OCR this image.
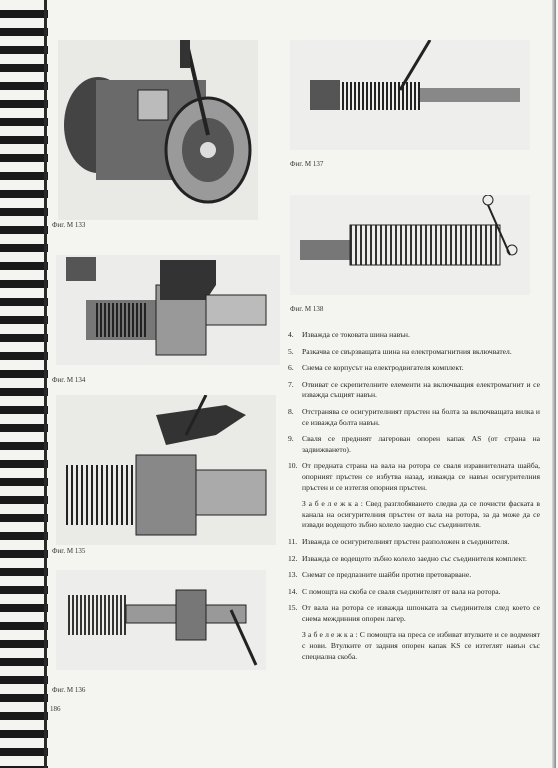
Фиг. М 133
Фиг. М 134
Фиг. М 135
Фиг. М 136
186
Фиг. М 137
Фиг. М 138
4.	Изважда се токовата шина навън.
5.	Разкачва се свързващата шина на електромагнитния включвател.
6.	Снема се корпусът на електродвигателя комплект.
7.	Отвиват се скрепителните елементи на включващия електромагнит и се изважда същият навън.
8.	Отстранява се осигурителният пръстен на болта за включващата вилка и се изважда болта навън.
9.	Сваля се предният лагерован опорен капак AS (от страна на задвижването).
10. От предната страна на вала на ротора се сваля изравнителната шайба, опорният пръстен се избутва назад, изважда се навън осигурителния пръстен и се изтегля опорния пръстен.
З а б е л е ж к а : Свед разглобяването следва да се почисти фаската в канала на осигурителния пръстен от вала на ротора, за да може да се извади водещото зъбно колело заедно със съединителя.
11. Изважда се осигурителният пръстен разположен в съединителя.
12. Изважда се водещото зъбно колело заедно със съединителя комплект.
13. Снемат се предпазните шайби против претоварване.
14. С помощта на скоба се сваля съединителят от вала на ротора.
15. От вала на ротора се изважда шпонката за съединителя след което се снема междинния опорен лагер.
З а б е л е ж к а : С помощта на преса се избиват втулките и се водмeнят с нови. Втулките от задния опорен капак KS се изтеглят навън със специална скоба.
